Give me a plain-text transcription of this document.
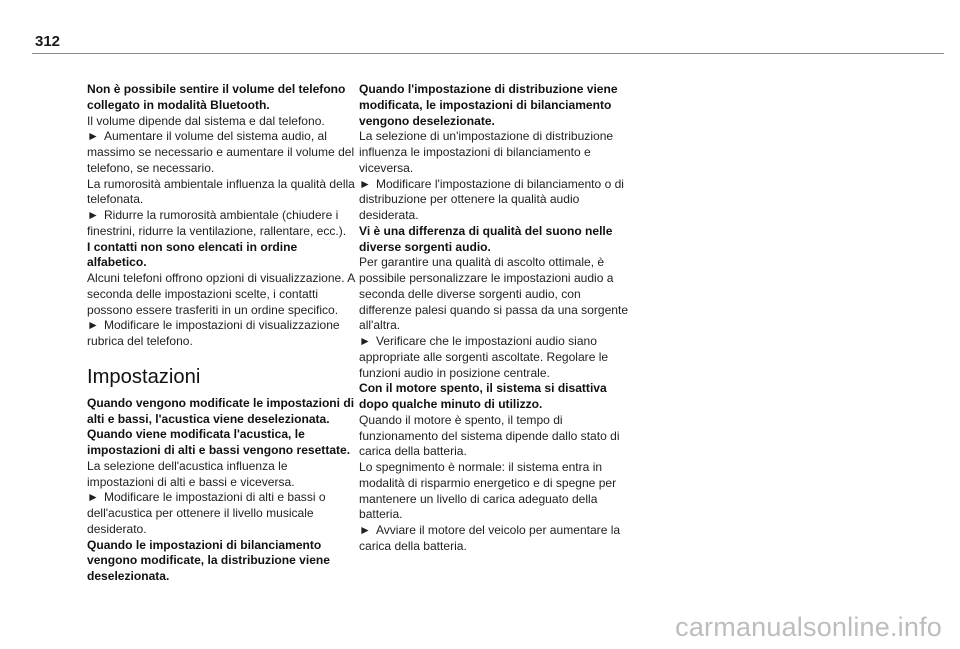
312

Non è possibile sentire il volume del telefono collegato in modalità Bluetooth.

Il volume dipende dal sistema e dal telefono.

► Aumentare il volume del sistema audio, al massimo se necessario e aumentare il volume del telefono, se necessario.

La rumorosità ambientale influenza la qualità della telefonata.

► Ridurre la rumorosità ambientale (chiudere i finestrini, ridurre la ventilazione, rallentare, ecc.).

I contatti non sono elencati in ordine alfabetico.

Alcuni telefoni offrono opzioni di visualizzazione. A seconda delle impostazioni scelte, i contatti possono essere trasferiti in un ordine specifico.

► Modificare le impostazioni di visualizzazione rubrica del telefono.

Impostazioni

Quando vengono modificate le impostazioni di alti e bassi, l'acustica viene deselezionata.

Quando viene modificata l'acustica, le impostazioni di alti e bassi vengono resettate.

La selezione dell'acustica influenza le impostazioni di alti e bassi e viceversa.

► Modificare le impostazioni di alti e bassi o dell'acustica per ottenere il livello musicale desiderato.

Quando le impostazioni di bilanciamento vengono modificate, la distribuzione viene deselezionata.

Quando l'impostazione di distribuzione viene modificata, le impostazioni di bilanciamento vengono deselezionate.

La selezione di un'impostazione di distribuzione influenza le impostazioni di bilanciamento e viceversa.

► Modificare l'impostazione di bilanciamento o di distribuzione per ottenere la qualità audio desiderata.

Vi è una differenza di qualità del suono nelle diverse sorgenti audio.

Per garantire una qualità di ascolto ottimale, è possibile personalizzare le impostazioni audio a seconda delle diverse sorgenti audio, con differenze palesi quando si passa da una sorgente all'altra.

► Verificare che le impostazioni audio siano appropriate alle sorgenti ascoltate. Regolare le funzioni audio in posizione centrale.

Con il motore spento, il sistema si disattiva dopo qualche minuto di utilizzo.

Quando il motore è spento, il tempo di funzionamento del sistema dipende dallo stato di carica della batteria.

Lo spegnimento è normale: il sistema entra in modalità di risparmio energetico e di spegne per mantenere un livello di carica adeguato della batteria.

► Avviare il motore del veicolo per aumentare la carica della batteria.

carmanualsonline.info
